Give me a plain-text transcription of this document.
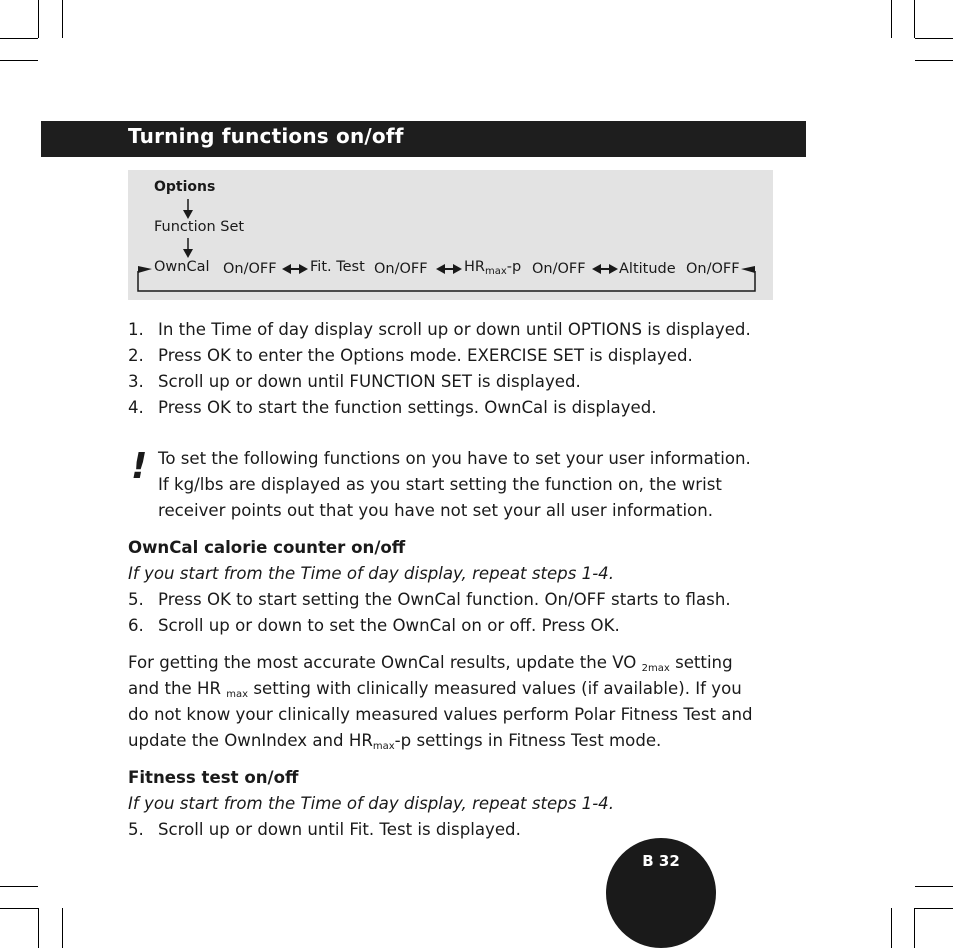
Turning functions on/off
Options
Function Set
OwnCal On/OFF Fit. Test On/OFF	$HR_{max}-p$ On/OFF Altitude On/OFF
1. In the Time of day display scroll up or down until OPTIONS is displayed.
2. Press OK to enter the Options mode. EXERCISE SET is displayed.
3. Scroll up or down until FUNCTION SET is displayed.
4. Press OK to start the function settings. OwnCal is displayed.
! To set the following functions on you have to set your user information.
If kg/lbs are displayed as you start setting the function on, the wrist
receiver points out that you have not set your all user information.
OwnCal calorie counter on/off
If you start from the Time of day display, repeat steps 1-4.
5. Press OK to start setting the OwnCal function. On/OFF starts to flash.
6. Scroll up or down to set the OwnCal on or off. Press OK.
For getting the most accurate OwnCal results, update the VO $_{2max}$ setting
and the HR $_{max}$ setting with clinically measured values (if available). If you
do not know your clinically measured values perform Polar Fitness Test and
update the OwnIndex and $HR_{max}-p$ settings in Fitness Test mode.
Fitness test on/off
If you start from the Time of day display, repeat steps 1-4.
5. Scroll up or down until Fit. Test is displayed.
B 32
